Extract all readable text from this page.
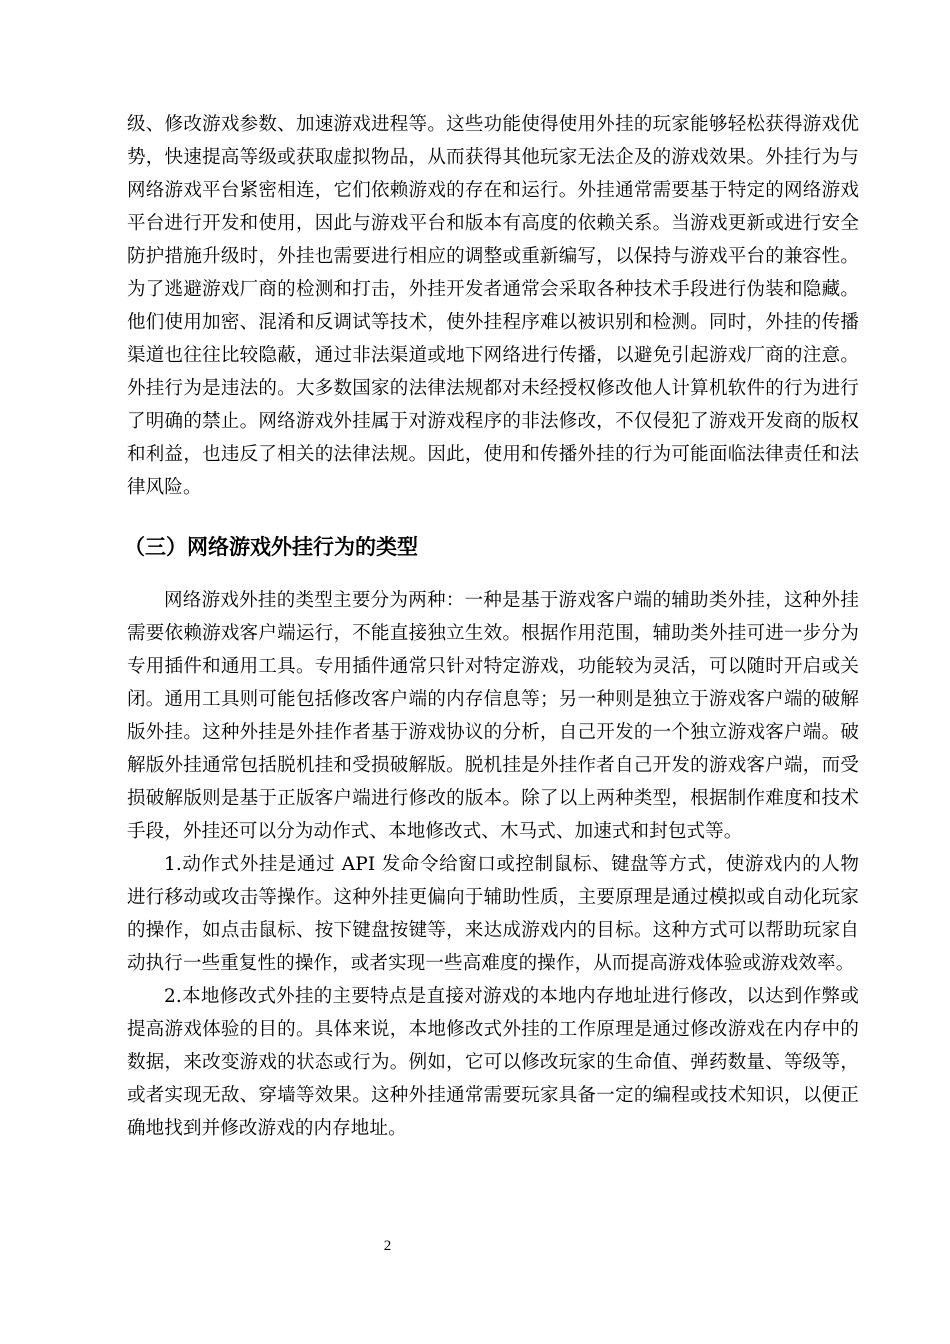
级、修改游戏参数、加速游戏进程等。这些功能使得使用外挂的玩家能够轻松获得游戏优势，快速提高等级或获取虚拟物品，从而获得其他玩家无法企及的游戏效果。外挂行为与网络游戏平台紧密相连，它们依赖游戏的存在和运行。外挂通常需要基于特定的网络游戏平台进行开发和使用，因此与游戏平台和版本有高度的依赖关系。当游戏更新或进行安全防护措施升级时，外挂也需要进行相应的调整或重新编写，以保持与游戏平台的兼容性。为了逃避游戏厂商的检测和打击，外挂开发者通常会采取各种技术手段进行伪装和隐藏。他们使用加密、混淆和反调试等技术，使外挂程序难以被识别和检测。同时，外挂的传播渠道也往往比较隐蔽，通过非法渠道或地下网络进行传播，以避免引起游戏厂商的注意。外挂行为是违法的。大多数国家的法律法规都对未经授权修改他人计算机软件的行为进行了明确的禁止。网络游戏外挂属于对游戏程序的非法修改，不仅侵犯了游戏开发商的版权和利益，也违反了相关的法律法规。因此，使用和传播外挂的行为可能面临法律责任和法律风险。

（三）网络游戏外挂行为的类型

网络游戏外挂的类型主要分为两种：一种是基于游戏客户端的辅助类外挂，这种外挂需要依赖游戏客户端运行，不能直接独立生效。根据作用范围，辅助类外挂可进一步分为专用插件和通用工具。专用插件通常只针对特定游戏，功能较为灵活，可以随时开启或关闭。通用工具则可能包括修改客户端的内存信息等；另一种则是独立于游戏客户端的破解版外挂。这种外挂是外挂作者基于游戏协议的分析，自己开发的一个独立游戏客户端。破解版外挂通常包括脱机挂和受损破解版。脱机挂是外挂作者自己开发的游戏客户端，而受损破解版则是基于正版客户端进行修改的版本。除了以上两种类型，根据制作难度和技术手段，外挂还可以分为动作式、本地修改式、木马式、加速式和封包式等。

1.动作式外挂是通过 API 发命令给窗口或控制鼠标、键盘等方式，使游戏内的人物进行移动或攻击等操作。这种外挂更偏向于辅助性质，主要原理是通过模拟或自动化玩家的操作，如点击鼠标、按下键盘按键等，来达成游戏内的目标。这种方式可以帮助玩家自动执行一些重复性的操作，或者实现一些高难度的操作，从而提高游戏体验或游戏效率。

2.本地修改式外挂的主要特点是直接对游戏的本地内存地址进行修改，以达到作弊或提高游戏体验的目的。具体来说，本地修改式外挂的工作原理是通过修改游戏在内存中的数据，来改变游戏的状态或行为。例如，它可以修改玩家的生命值、弹药数量、等级等，或者实现无敌、穿墙等效果。这种外挂通常需要玩家具备一定的编程或技术知识，以便正确地找到并修改游戏的内存地址。

2
